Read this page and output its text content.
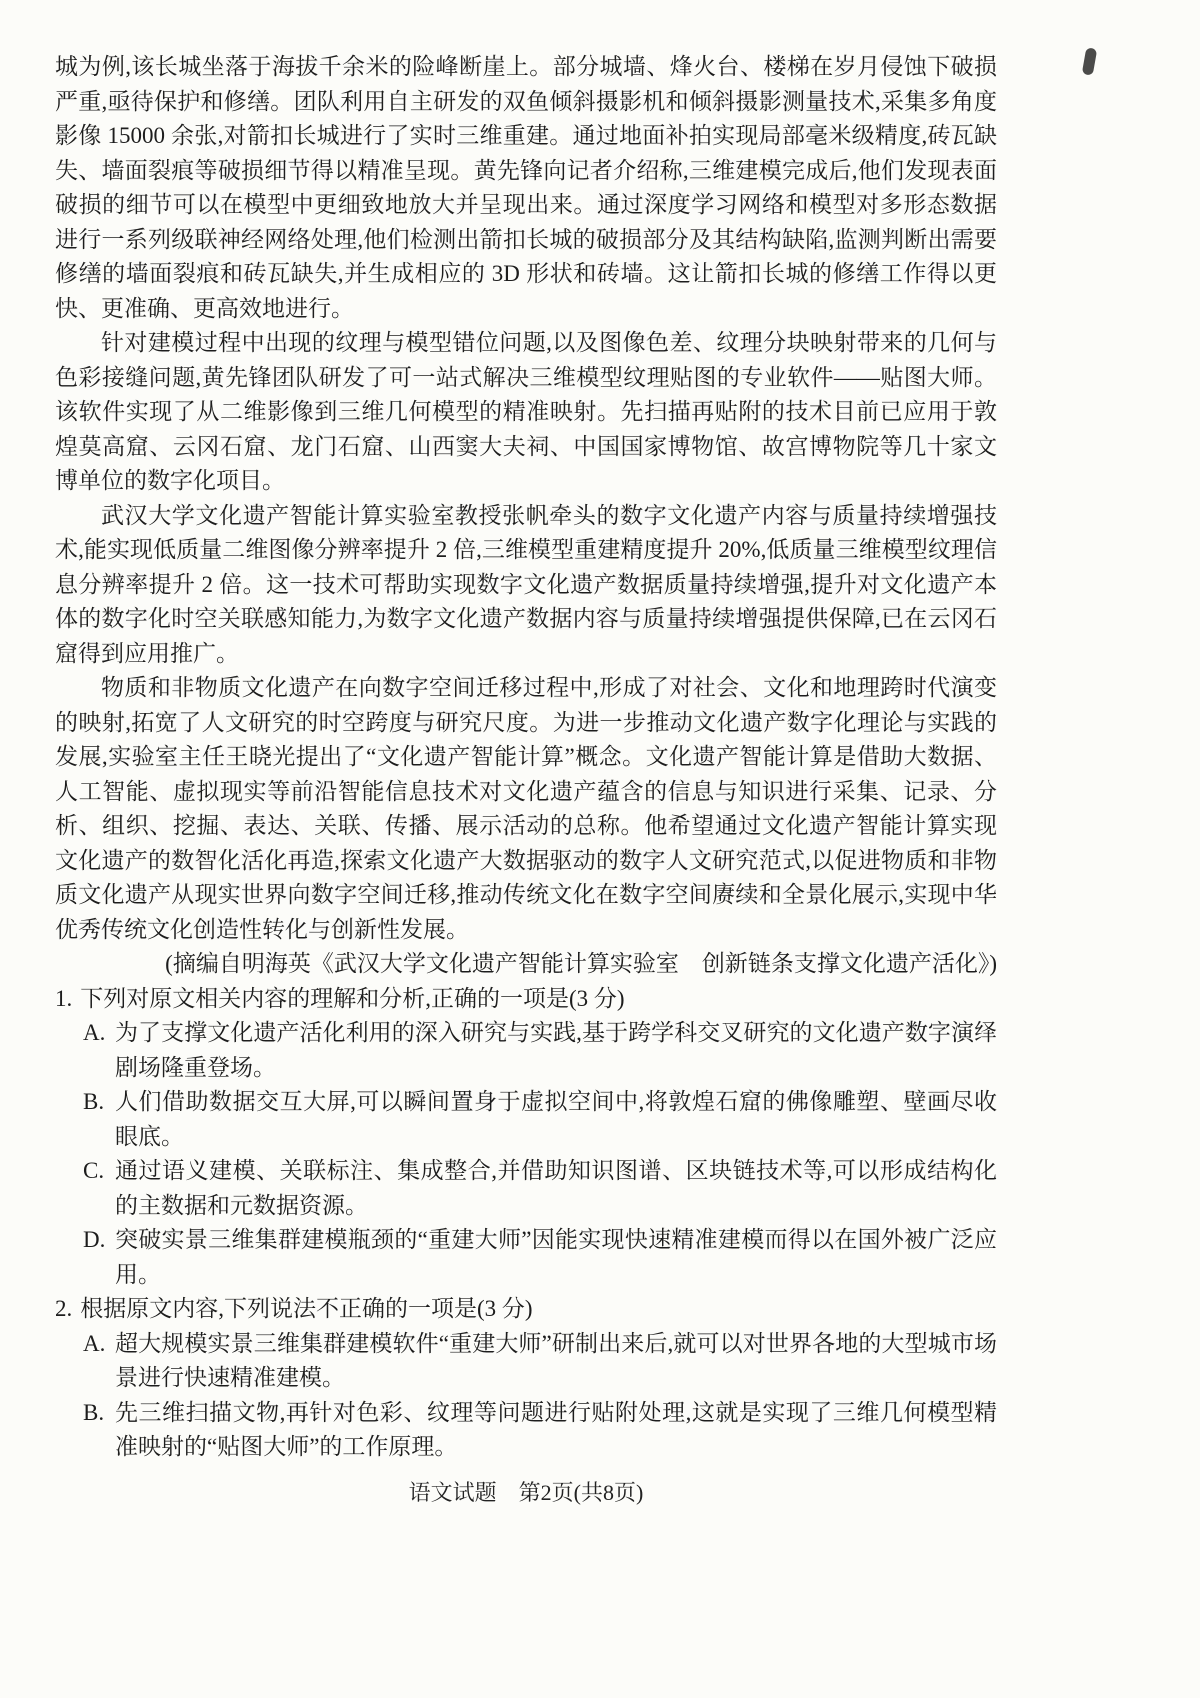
城为例,该长城坐落于海拔千余米的险峰断崖上。部分城墙、烽火台、楼梯在岁月侵蚀下破损严重,亟待保护和修缮。团队利用自主研发的双鱼倾斜摄影机和倾斜摄影测量技术,采集多角度影像 15000 余张,对箭扣长城进行了实时三维重建。通过地面补拍实现局部毫米级精度,砖瓦缺失、墙面裂痕等破损细节得以精准呈现。黄先锋向记者介绍称,三维建模完成后,他们发现表面破损的细节可以在模型中更细致地放大并呈现出来。通过深度学习网络和模型对多形态数据进行一系列级联神经网络处理,他们检测出箭扣长城的破损部分及其结构缺陷,监测判断出需要修缮的墙面裂痕和砖瓦缺失,并生成相应的 3D 形状和砖墙。这让箭扣长城的修缮工作得以更快、更准确、更高效地进行。

针对建模过程中出现的纹理与模型错位问题,以及图像色差、纹理分块映射带来的几何与色彩接缝问题,黄先锋团队研发了可一站式解决三维模型纹理贴图的专业软件——贴图大师。该软件实现了从二维影像到三维几何模型的精准映射。先扫描再贴附的技术目前已应用于敦煌莫高窟、云冈石窟、龙门石窟、山西窦大夫祠、中国国家博物馆、故宫博物院等几十家文博单位的数字化项目。

武汉大学文化遗产智能计算实验室教授张帆牵头的数字文化遗产内容与质量持续增强技术,能实现低质量二维图像分辨率提升 2 倍,三维模型重建精度提升 20%,低质量三维模型纹理信息分辨率提升 2 倍。这一技术可帮助实现数字文化遗产数据质量持续增强,提升对文化遗产本体的数字化时空关联感知能力,为数字文化遗产数据内容与质量持续增强提供保障,已在云冈石窟得到应用推广。

物质和非物质文化遗产在向数字空间迁移过程中,形成了对社会、文化和地理跨时代演变的映射,拓宽了人文研究的时空跨度与研究尺度。为进一步推动文化遗产数字化理论与实践的发展,实验室主任王晓光提出了“文化遗产智能计算”概念。文化遗产智能计算是借助大数据、人工智能、虚拟现实等前沿智能信息技术对文化遗产蕴含的信息与知识进行采集、记录、分析、组织、挖掘、表达、关联、传播、展示活动的总称。他希望通过文化遗产智能计算实现文化遗产的数智化活化再造,探索文化遗产大数据驱动的数字人文研究范式,以促进物质和非物质文化遗产从现实世界向数字空间迁移,推动传统文化在数字空间赓续和全景化展示,实现中华优秀传统文化创造性转化与创新性发展。

(摘编自明海英《武汉大学文化遗产智能计算实验室　创新链条支撑文化遗产活化》)

1. 下列对原文相关内容的理解和分析,正确的一项是(3 分)

A. 为了支撑文化遗产活化利用的深入研究与实践,基于跨学科交叉研究的文化遗产数字演绎剧场隆重登场。
B. 人们借助数据交互大屏,可以瞬间置身于虚拟空间中,将敦煌石窟的佛像雕塑、壁画尽收眼底。
C. 通过语义建模、关联标注、集成整合,并借助知识图谱、区块链技术等,可以形成结构化的主数据和元数据资源。
D. 突破实景三维集群建模瓶颈的“重建大师”因能实现快速精准建模而得以在国外被广泛应用。

2. 根据原文内容,下列说法不正确的一项是(3 分)

A. 超大规模实景三维集群建模软件“重建大师”研制出来后,就可以对世界各地的大型城市场景进行快速精准建模。
B. 先三维扫描文物,再针对色彩、纹理等问题进行贴附处理,这就是实现了三维几何模型精准映射的“贴图大师”的工作原理。
语文试题　第2页(共8页)
